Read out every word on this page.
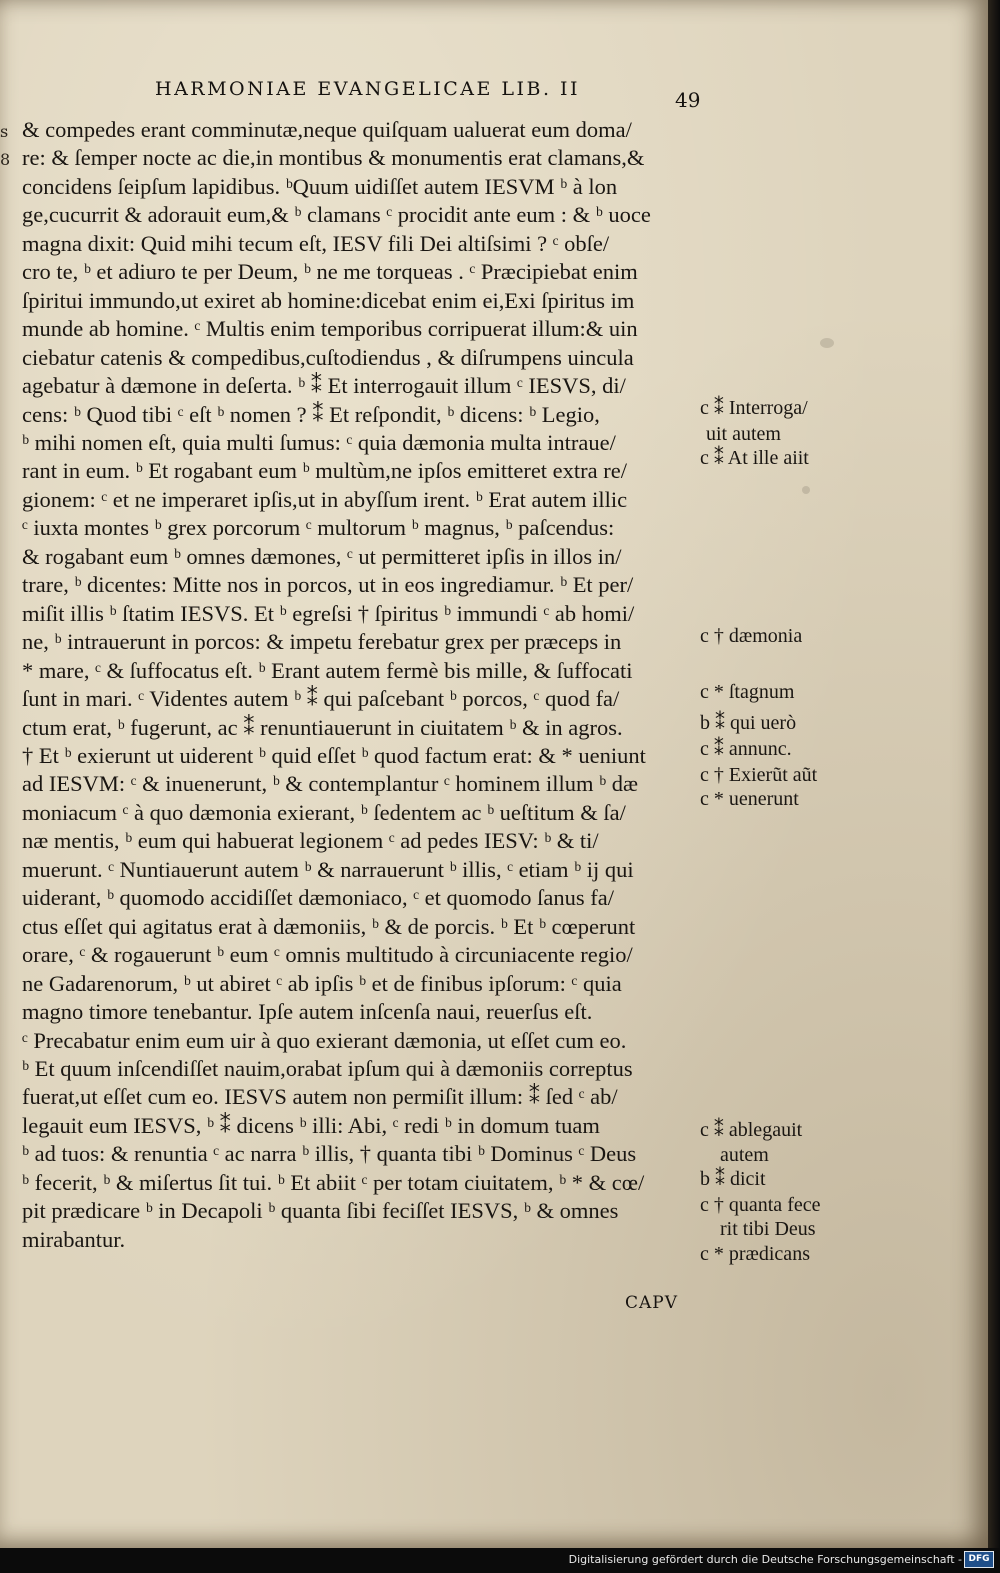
HARMONIAE EVANGELICAE LIB. II	49
ꜱ
8
& compedes erant comminutæ,neque quiſquam ualuerat eum doma/
re: & ſemper nocte ac die,in montibus & monumentis erat clamans,&
concidens ſeipſum lapidibus. ᵇQuum uidiſſet autem IESVM ᵇ à lon
ge,cucurrit & adorauit eum,& ᵇ clamans ᶜ procidit ante eum : & ᵇ uoce
magna dixit: Quid mihi tecum eſt, IESV fili Dei altiſsimi ? ᶜ obſe/
cro te, ᵇ et adiuro te per Deum, ᵇ ne me torqueas . ᶜ Præcipiebat enim
ſpiritui immundo,ut exiret ab homine:dicebat enim ei,Exi ſpiritus im
munde ab homine. ᶜ Multis enim temporibus corripuerat illum:& uin
ciebatur catenis & compedibus,cuſtodiendus , & diſrumpens uincula
agebatur à dæmone in deſerta. ᵇ ⁑ Et interrogauit illum ᶜ IESVS, di/
cens: ᵇ Quod tibi ᶜ eſt ᵇ nomen ? ⁑ Et reſpondit, ᵇ dicens: ᵇ Legio,
ᵇ mihi nomen eſt, quia multi ſumus: ᶜ quia dæmonia multa intraue/
rant in eum. ᵇ Et rogabant eum ᵇ multùm,ne ipſos emitteret extra re/
gionem: ᶜ et ne imperaret ipſis,ut in abyſſum irent. ᵇ Erat autem illic
ᶜ iuxta montes ᵇ grex porcorum ᶜ multorum ᵇ magnus, ᵇ paſcendus:
& rogabant eum ᵇ omnes dæmones, ᶜ ut permitteret ipſis in illos in/
trare, ᵇ dicentes: Mitte nos in porcos, ut in eos ingrediamur. ᵇ Et per/
miſit illis ᵇ ſtatim IESVS. Et ᵇ egreſsi † ſpiritus ᵇ immundi ᶜ ab homi/
ne, ᵇ intrauerunt in porcos: & impetu ferebatur grex per præceps in
* mare, ᶜ & ſuffocatus eſt. ᵇ Erant autem fermè bis mille, & ſuffocati
ſunt in mari. ᶜ Videntes autem ᵇ ⁑ qui paſcebant ᵇ porcos, ᶜ quod fa/
ctum erat, ᵇ fugerunt, ac ⁑ renuntiauerunt in ciuitatem ᵇ & in agros.
† Et ᵇ exierunt ut uiderent ᵇ quid eſſet ᵇ quod factum erat: & * ueniunt
ad IESVM: ᶜ & inuenerunt, ᵇ & contemplantur ᶜ hominem illum ᵇ dæ
moniacum ᶜ à quo dæmonia exierant, ᵇ ſedentem ac ᵇ ueſtitum & ſa/
næ mentis, ᵇ eum qui habuerat legionem ᶜ ad pedes IESV: ᵇ & ti/
muerunt. ᶜ Nuntiauerunt autem ᵇ & narrauerunt ᵇ illis, ᶜ etiam ᵇ ij qui
uiderant, ᵇ quomodo accidiſſet dæmoniaco, ᶜ et quomodo ſanus fa/
ctus eſſet qui agitatus erat à dæmoniis, ᵇ & de porcis. ᵇ Et ᵇ cœperunt
orare, ᶜ & rogauerunt ᵇ eum ᶜ omnis multitudo à circuniacente regio/
ne Gadarenorum, ᵇ ut abiret ᶜ ab ipſis ᵇ et de finibus ipſorum: ᶜ quia
magno timore tenebantur. Ipſe autem inſcenſa naui, reuerſus eſt.
ᶜ Precabatur enim eum uir à quo exierant dæmonia, ut eſſet cum eo.
ᵇ Et quum inſcendiſſet nauim,orabat ipſum qui à dæmoniis correptus
fuerat,ut eſſet cum eo. IESVS autem non permiſit illum: ⁑ ſed ᶜ ab/
legauit eum IESVS, ᵇ ⁑ dicens ᵇ illi: Abi, ᶜ redi ᵇ in domum tuam
ᵇ ad tuos: & renuntia ᶜ ac narra ᵇ illis, † quanta tibi ᵇ Dominus ᶜ Deus
ᵇ fecerit, ᵇ & miſertus ſit tui. ᵇ Et abiit ᶜ per totam ciuitatem, ᵇ * & cœ/
pit prædicare ᵇ in Decapoli ᵇ quanta ſibi feciſſet IESVS, ᵇ & omnes
mirabantur.
c ⁑ Interroga/
uit autem
c ⁑ At ille aiit
c † dæmonia
c * ſtagnum
b ⁑ qui uerò
c ⁑ annunc.
c † Exierũt aũt
c * uenerunt
c ⁑ ablegauit
autem
b ⁑ dicit
c † quanta fece
rit tibi Deus
c * prædicans
CAPV
Digitalisierung gefördert durch die Deutsche Forschungsgemeinschaft - DFG
